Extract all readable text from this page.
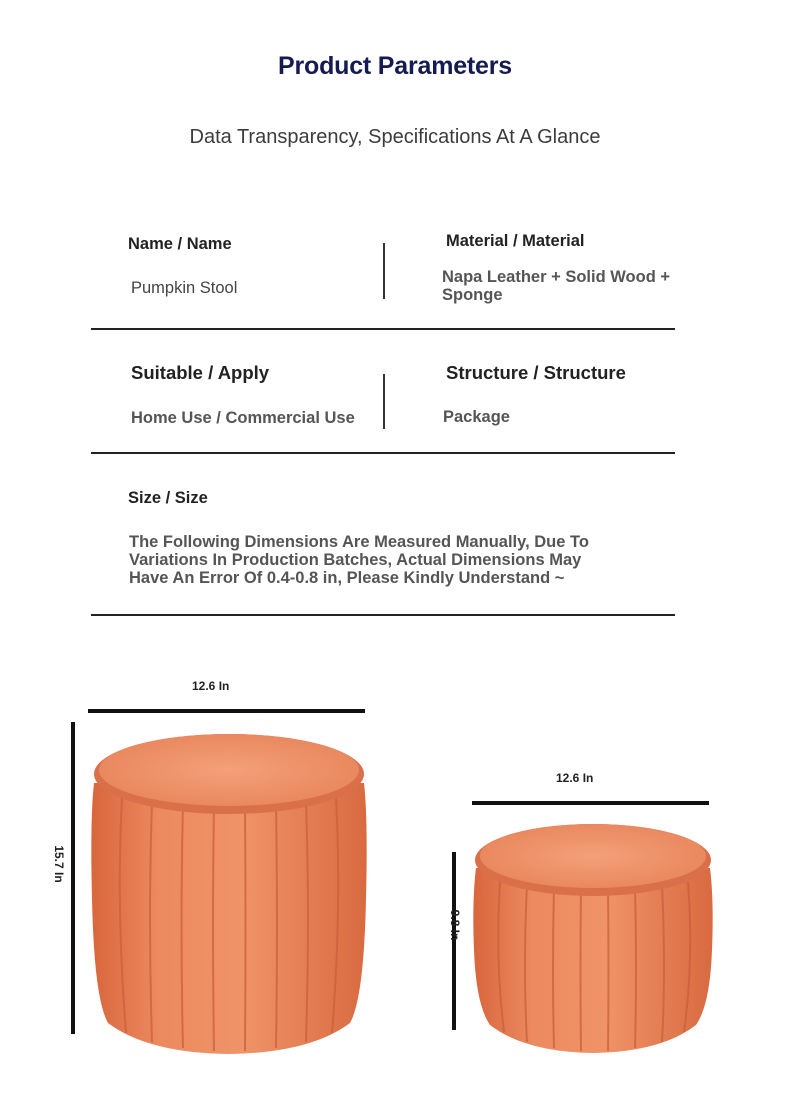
Product Parameters
Data Transparency, Specifications At A Glance
Name / Name
Pumpkin Stool
Material / Material
Napa Leather + Solid Wood + Sponge
Suitable / Apply
Home Use / Commercial Use
Structure / Structure
Package
Size / Size
The Following Dimensions Are Measured Manually, Due To Variations In Production Batches, Actual Dimensions May Have An Error Of 0.4-0.8 in, Please Kindly Understand ~
12.6 In
15.7 In
12.6 In
9.8 In
